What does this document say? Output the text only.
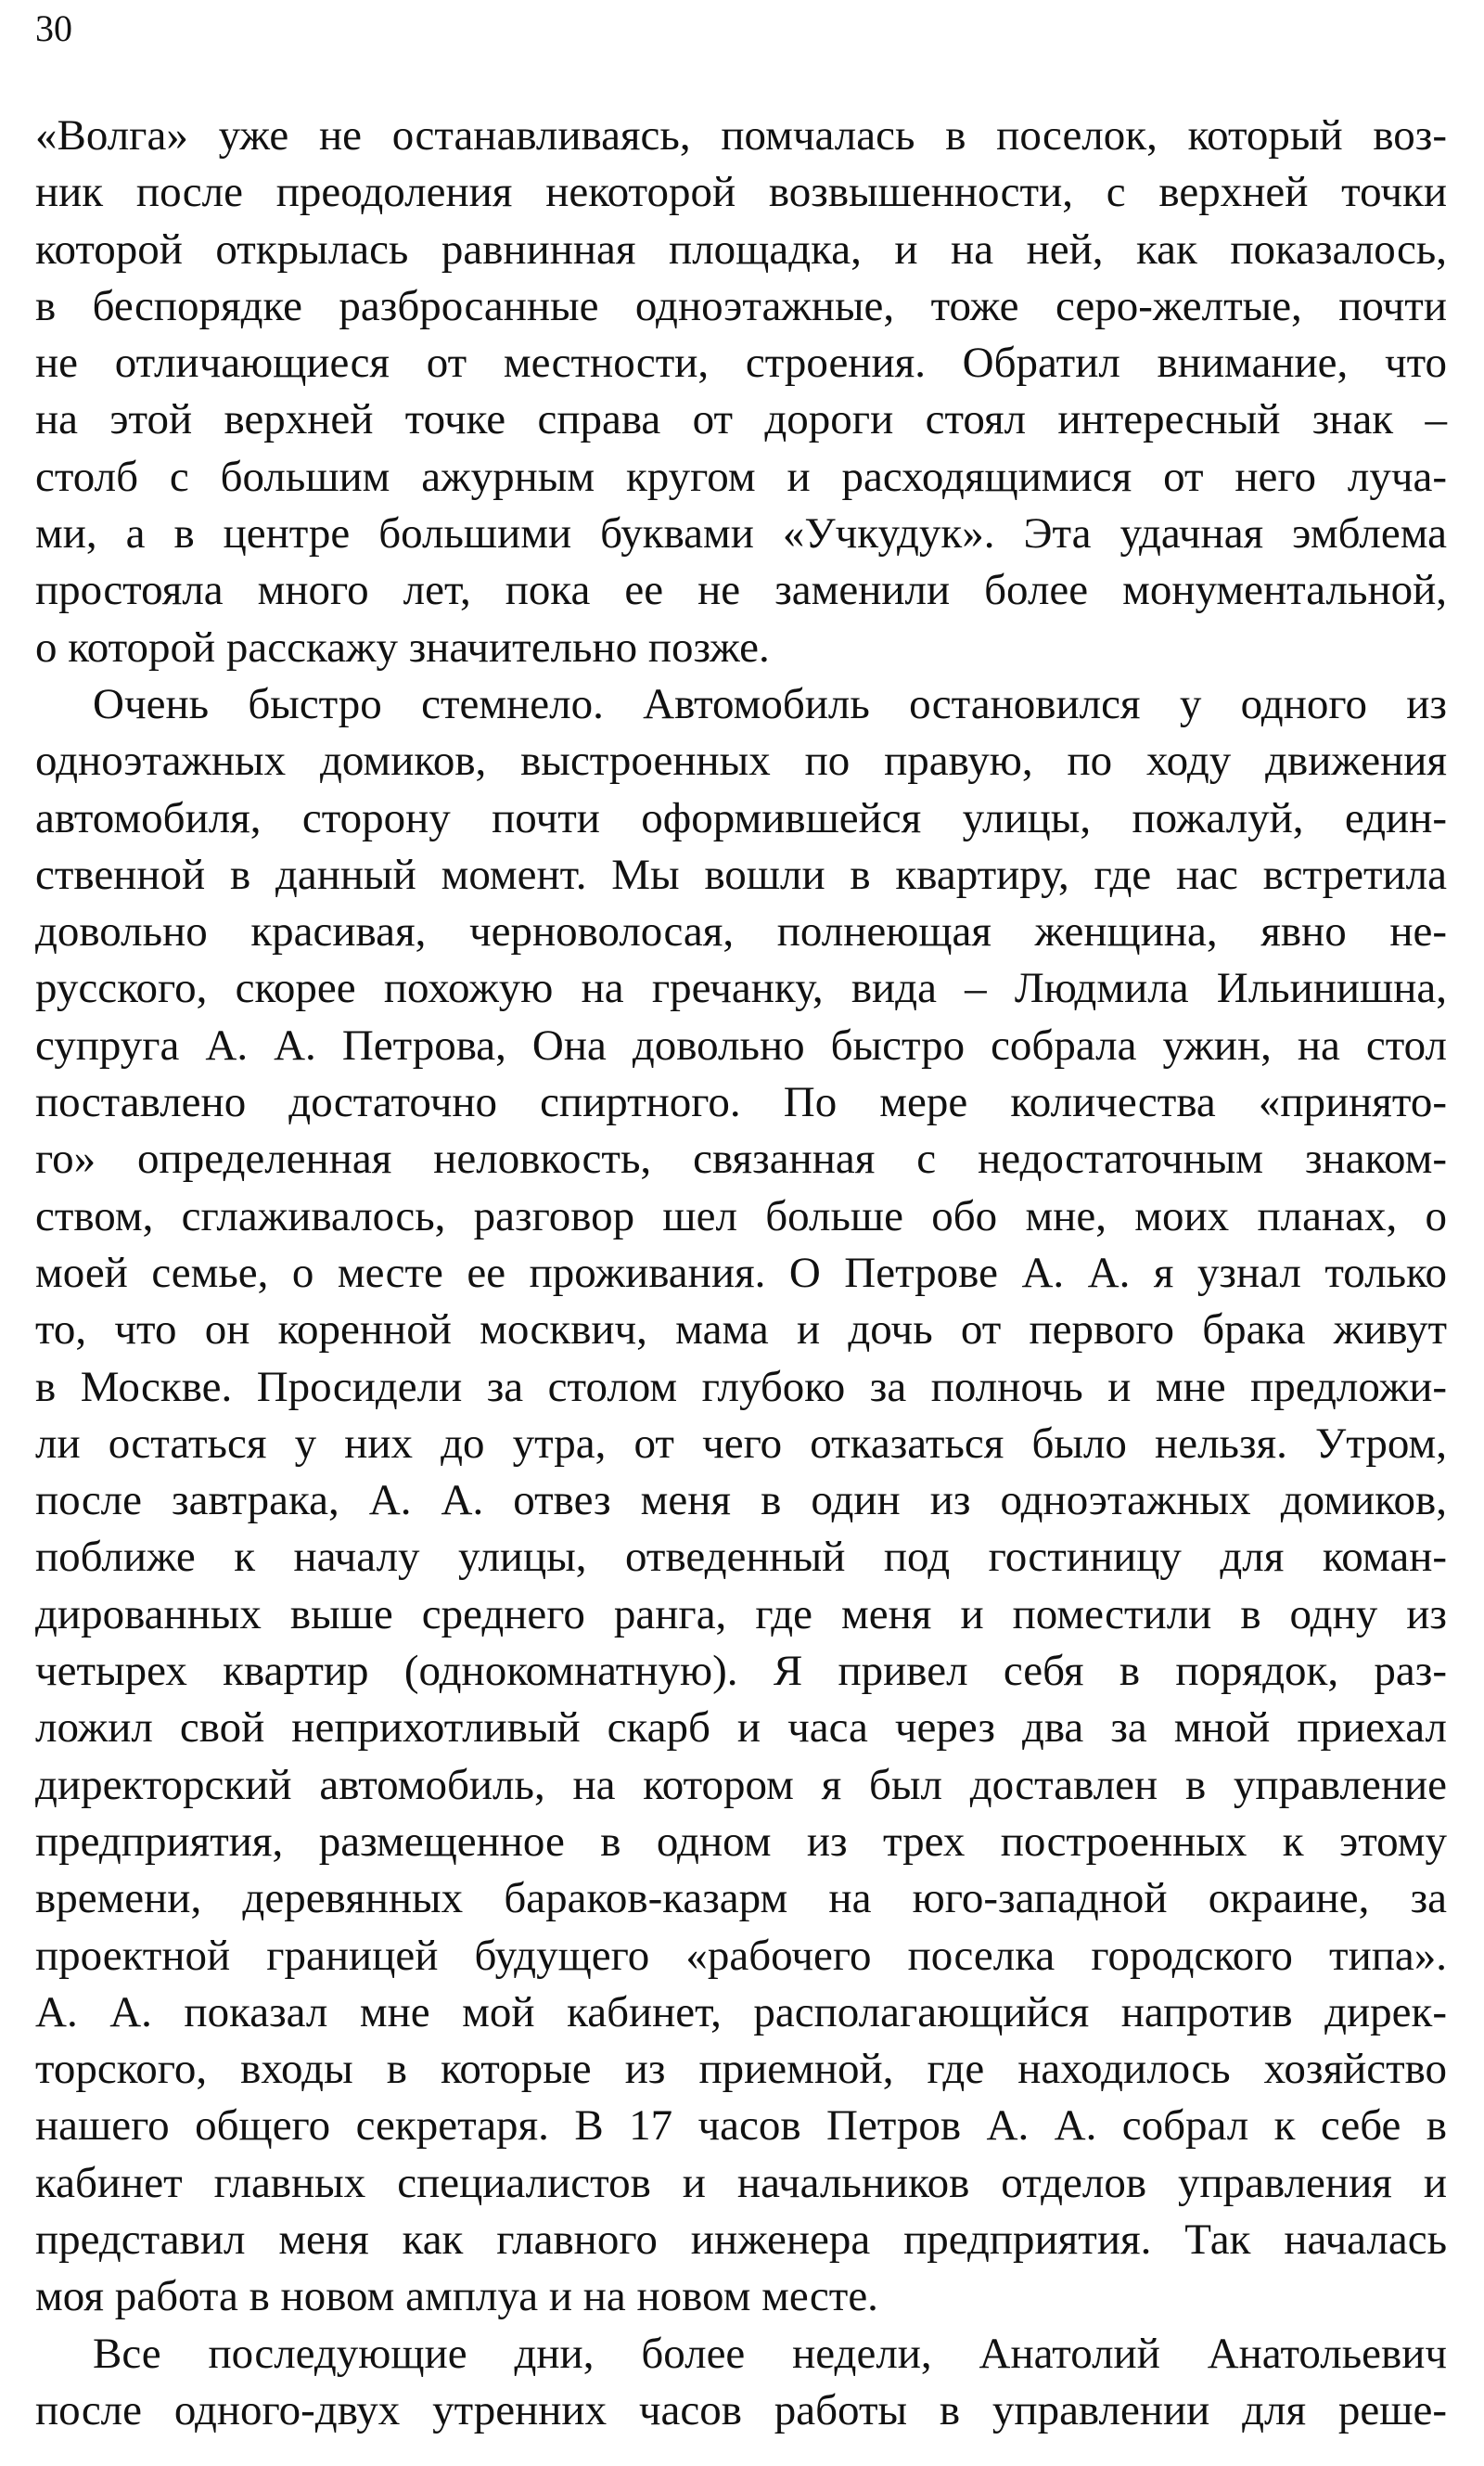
30
«Волга» уже не останавливаясь, помчалась в поселок, который воз-
ник после преодоления некоторой возвышенности, с верхней точки
которой открылась равнинная площадка, и на ней, как показалось,
в беспорядке разбросанные одноэтажные, тоже серо-желтые, почти
не отличающиеся от местности, строения. Обратил внимание, что
на этой верхней точке справа от дороги стоял интересный знак –
столб с большим ажурным кругом и расходящимися от него луча-
ми, а в центре большими буквами «Учкудук». Эта удачная эмблема
простояла много лет, пока ее не заменили более монументальной,
о которой расскажу значительно позже.
Очень быстро стемнело. Автомобиль остановился у одного из
одноэтажных домиков, выстроенных по правую, по ходу движения
автомобиля, сторону почти оформившейся улицы, пожалуй, един-
ственной в данный момент. Мы вошли в квартиру, где нас встретила
довольно красивая, черноволосая, полнеющая женщина, явно не-
русского, скорее похожую на гречанку, вида – Людмила Ильинишна,
супруга А. А. Петрова, Она довольно быстро собрала ужин, на стол
поставлено достаточно спиртного. По мере количества «принято-
го» определенная неловкость, связанная с недостаточным знаком-
ством, сглаживалось, разговор шел больше обо мне, моих планах, о
моей семье, о месте ее проживания. О Петрове А. А. я узнал только
то, что он коренной москвич, мама и дочь от первого брака живут
в Москве. Просидели за столом глубоко за полночь и мне предложи-
ли остаться у них до утра, от чего отказаться было нельзя. Утром,
после завтрака, А. А. отвез меня в один из одноэтажных домиков,
поближе к началу улицы, отведенный под гостиницу для коман-
дированных выше среднего ранга, где меня и поместили в одну из
четырех квартир (однокомнатную). Я привел себя в порядок, раз-
ложил свой неприхотливый скарб и часа через два за мной приехал
директорский автомобиль, на котором я был доставлен в управление
предприятия, размещенное в одном из трех построенных к этому
времени, деревянных бараков-казарм на юго-западной окраине, за
проектной границей будущего «рабочего поселка городского типа».
А. А. показал мне мой кабинет, располагающийся напротив дирек-
торского, входы в которые из приемной, где находилось хозяйство
нашего общего секретаря. В 17 часов Петров А. А. собрал к себе в
кабинет главных специалистов и начальников отделов управления и
представил меня как главного инженера предприятия. Так началась
моя работа в новом амплуа и на новом месте.
Все последующие дни, более недели, Анатолий Анатольевич
после одного-двух утренних часов работы в управлении для реше-
